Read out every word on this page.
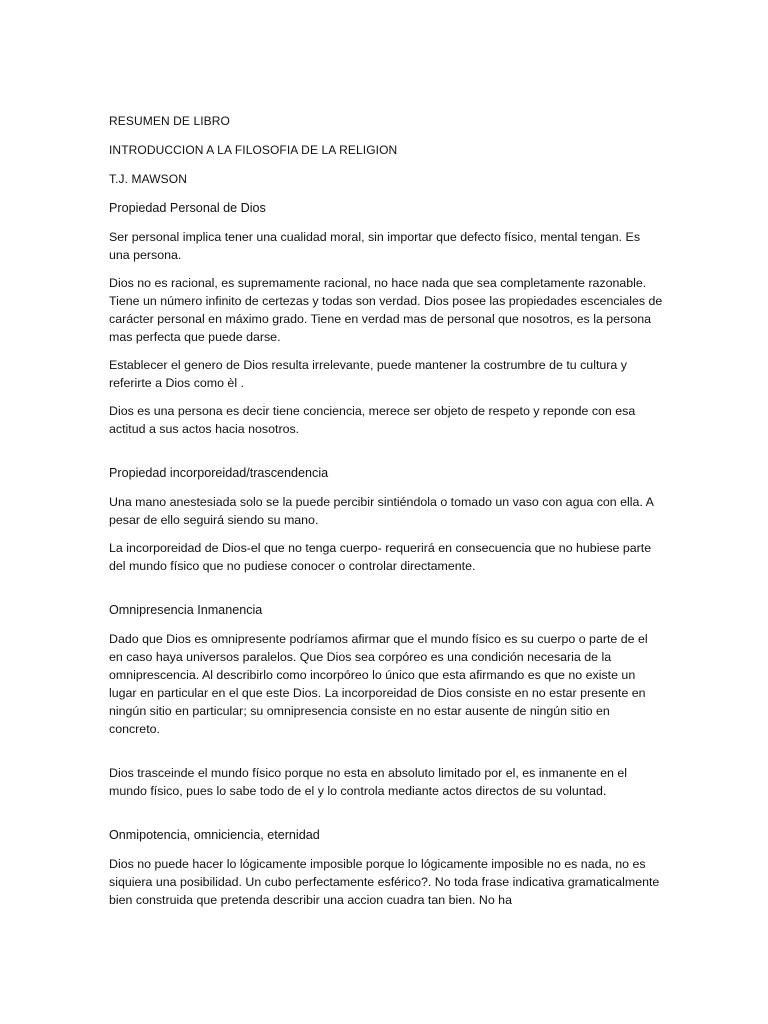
RESUMEN DE LIBRO
INTRODUCCION A LA FILOSOFIA DE LA RELIGION
T.J. MAWSON
Propiedad Personal de Dios
Ser personal implica tener una cualidad moral, sin importar que defecto físico, mental tengan. Es una persona.
Dios no es racional, es supremamente racional, no hace nada que sea completamente razonable. Tiene un número infinito de certezas y todas son verdad. Dios posee las propiedades escenciales de carácter personal en máximo grado. Tiene en verdad mas de personal que nosotros, es la persona mas perfecta que puede darse.
Establecer el genero de Dios resulta irrelevante, puede mantener la costrumbre de tu cultura y referirte a Dios como èl .
Dios es una persona es decir tiene conciencia, merece ser objeto de respeto y reponde con esa actitud a sus actos hacia nosotros.
Propiedad incorporeidad/trascendencia
Una mano anestesiada solo se la puede percibir sintiéndola o tomado un vaso con agua con ella. A pesar de ello seguirá siendo su mano.
La incorporeidad de Dios-el que no tenga cuerpo- requerirá en consecuencia que no hubiese parte del mundo físico que no pudiese conocer o controlar directamente.
Omnipresencia Inmanencia
Dado que Dios es omnipresente podríamos afirmar que el mundo físico es su cuerpo o parte de el en caso haya universos paralelos. Que Dios sea corpóreo es una condición necesaria de la omniprescencia. Al describirlo como incorpóreo lo único que esta afirmando es que no existe un lugar en particular en el que este Dios. La incorporeidad de Dios consiste en no estar presente en ningún sitio en particular; su omnipresencia consiste en no estar ausente de ningún sitio en concreto.
Dios trasceinde el mundo físico porque no esta en absoluto limitado por el, es inmanente en el mundo físico, pues lo sabe todo de el y lo controla mediante actos directos de su voluntad.
Onmipotencia, omniciencia, eternidad
Dios no puede hacer lo lógicamente imposible porque lo lógicamente imposible no es nada, no es siquiera una posibilidad. Un cubo perfectamente esférico?. No toda frase indicativa gramaticalmente bien construida que pretenda describir una accion cuadra tan bien. No ha
